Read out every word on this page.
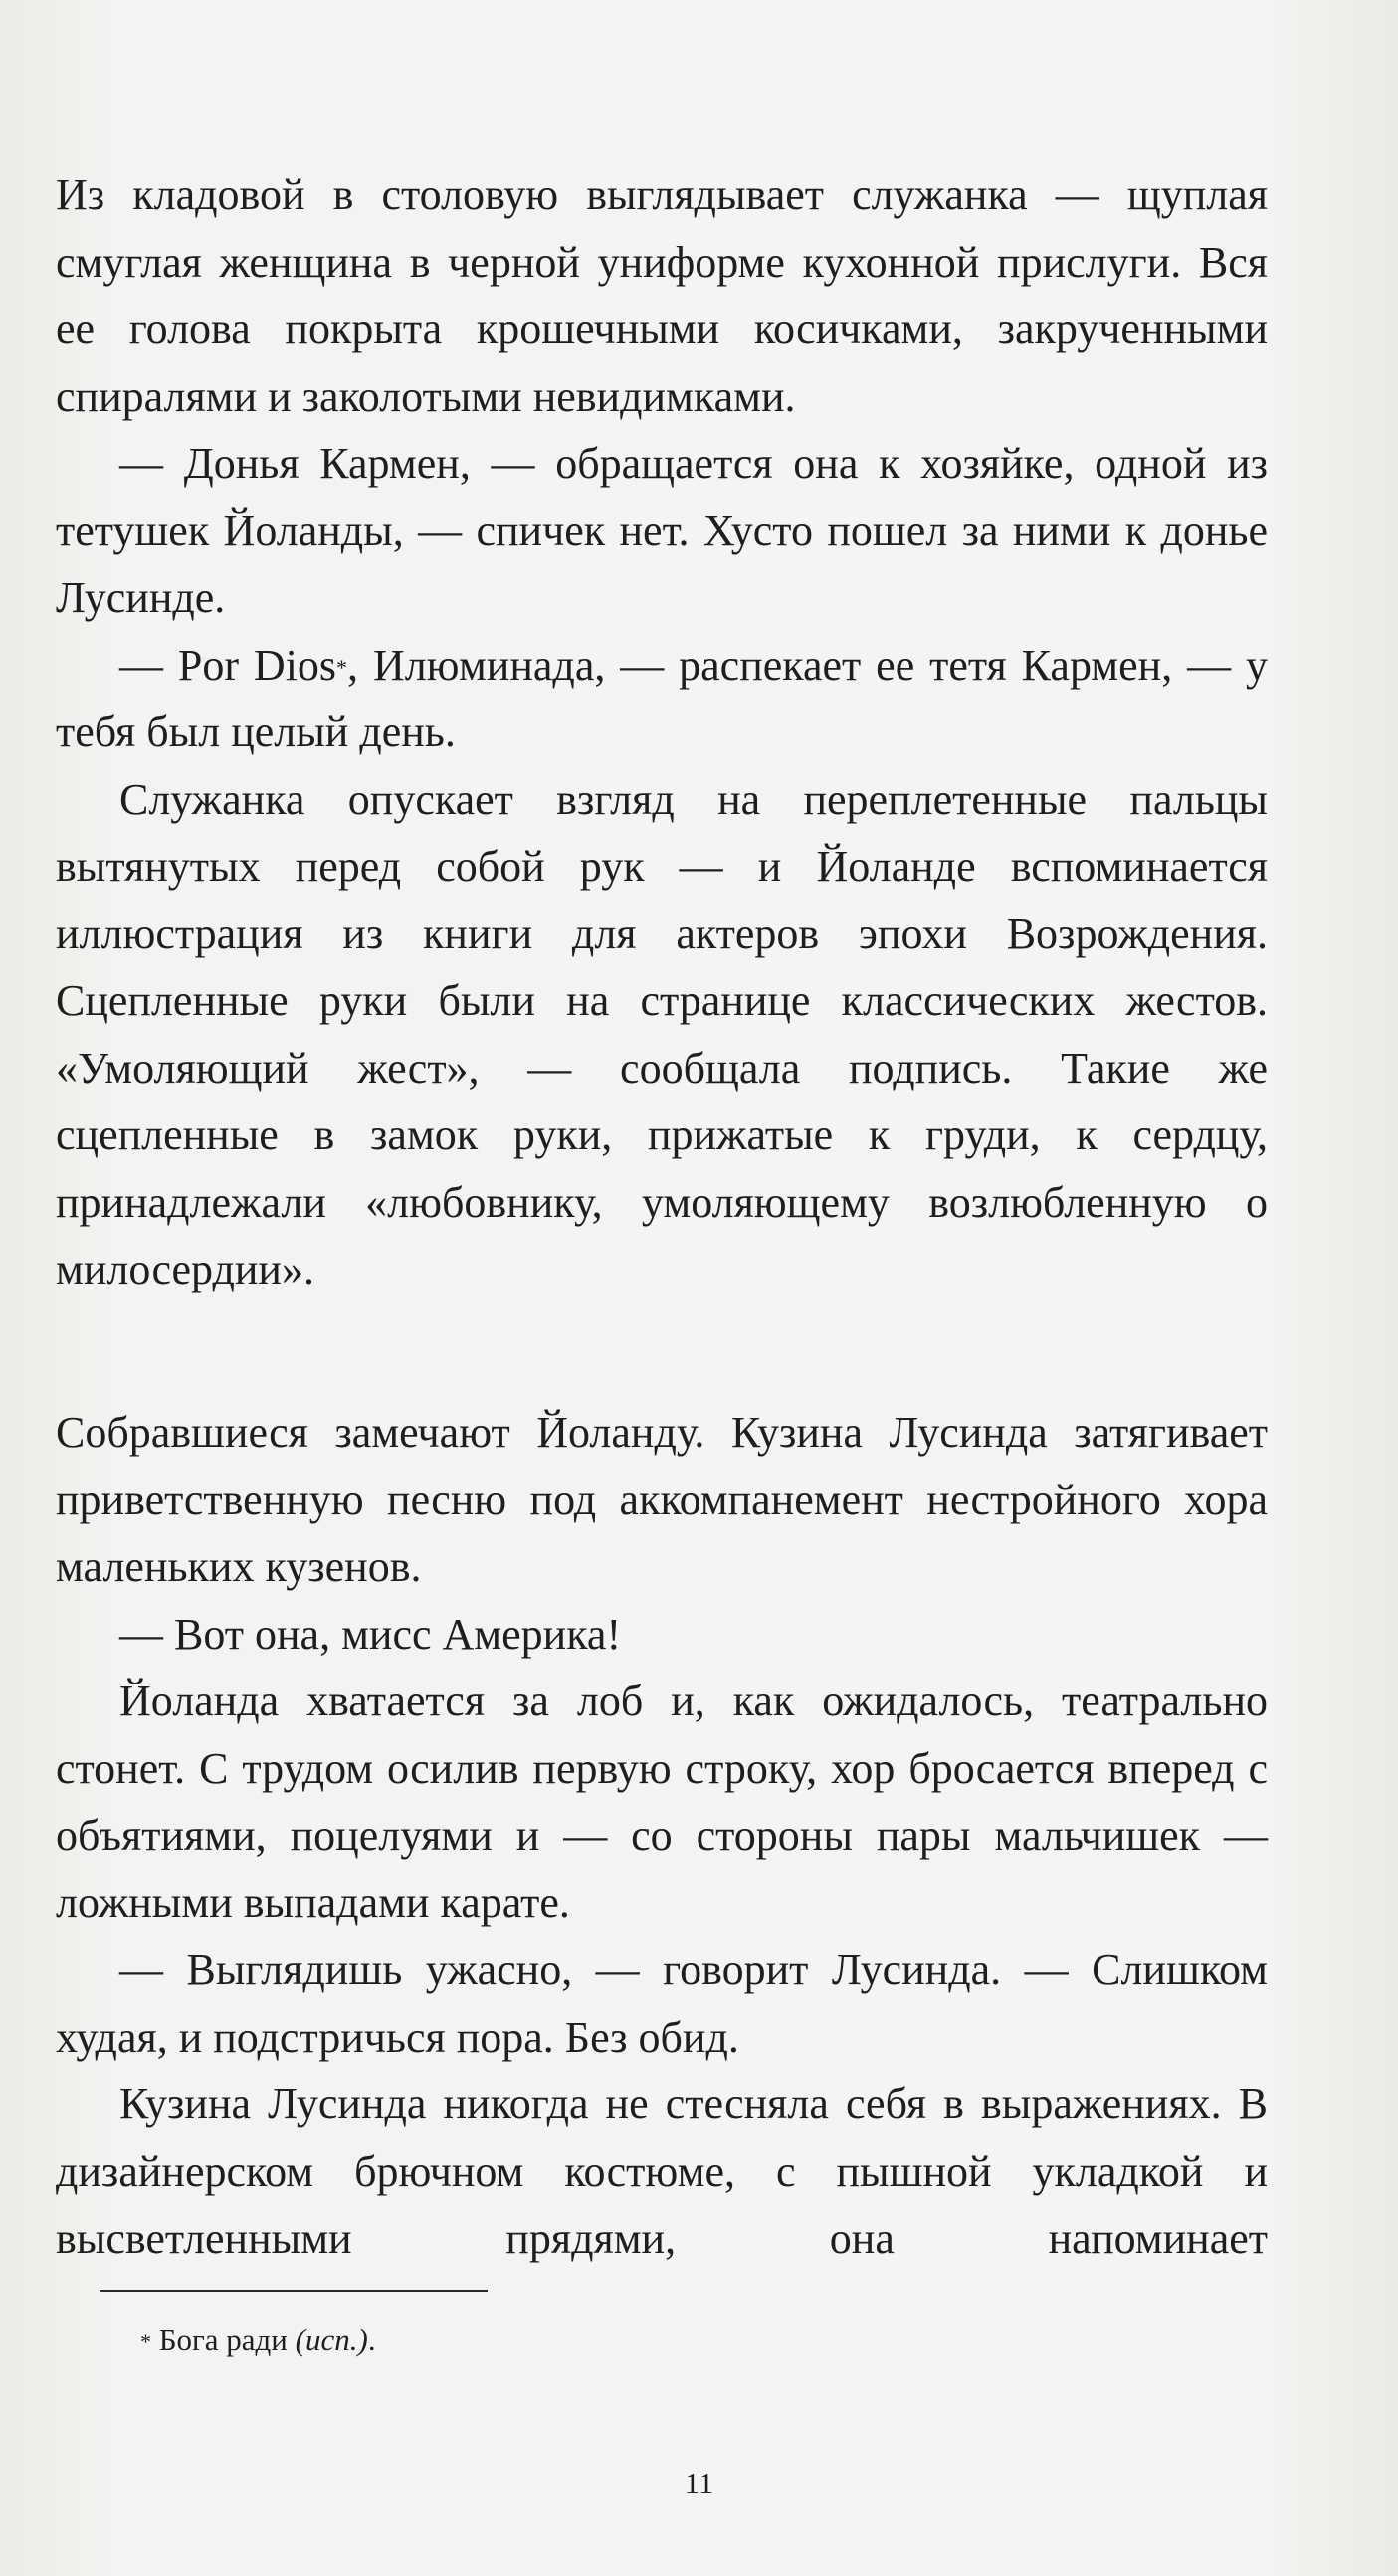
Из кладовой в столовую выглядывает служанка — щуплая смуглая женщина в черной униформе кухонной прислуги. Вся ее голова покрыта крошечными косичками, закрученными спиралями и заколотыми невидимками.

— Донья Кармен, — обращается она к хозяйке, одной из тетушек Йоланды, — спичек нет. Хусто пошел за ними к донье Лусинде.

— Por Dios*, Илюминада, — распекает ее тетя Кармен, — у тебя был целый день.

Служанка опускает взгляд на переплетенные пальцы вытянутых перед собой рук — и Йоланде вспоминается иллюстрация из книги для актеров эпохи Возрождения. Сцепленные руки были на странице классических жестов. «Умоляющий жест», — сообщала подпись. Такие же сцепленные в замок руки, прижатые к груди, к сердцу, принадлежали «любовнику, умоляющему возлюбленную о милосердии».

Собравшиеся замечают Йоланду. Кузина Лусинда затягивает приветственную песню под аккомпанемент нестройного хора маленьких кузенов.

— Вот она, мисс Америка!

Йоланда хватается за лоб и, как ожидалось, театрально стонет. С трудом осилив первую строку, хор бросается вперед с объятиями, поцелуями и — со стороны пары мальчишек — ложными выпадами карате.

— Выглядишь ужасно, — говорит Лусинда. — Слишком худая, и подстричься пора. Без обид.

Кузина Лусинда никогда не стесняла себя в выражениях. В дизайнерском брючном костюме, с пышной укладкой и высветленными прядями, она напоминает

* Бога ради (исп.).
11
